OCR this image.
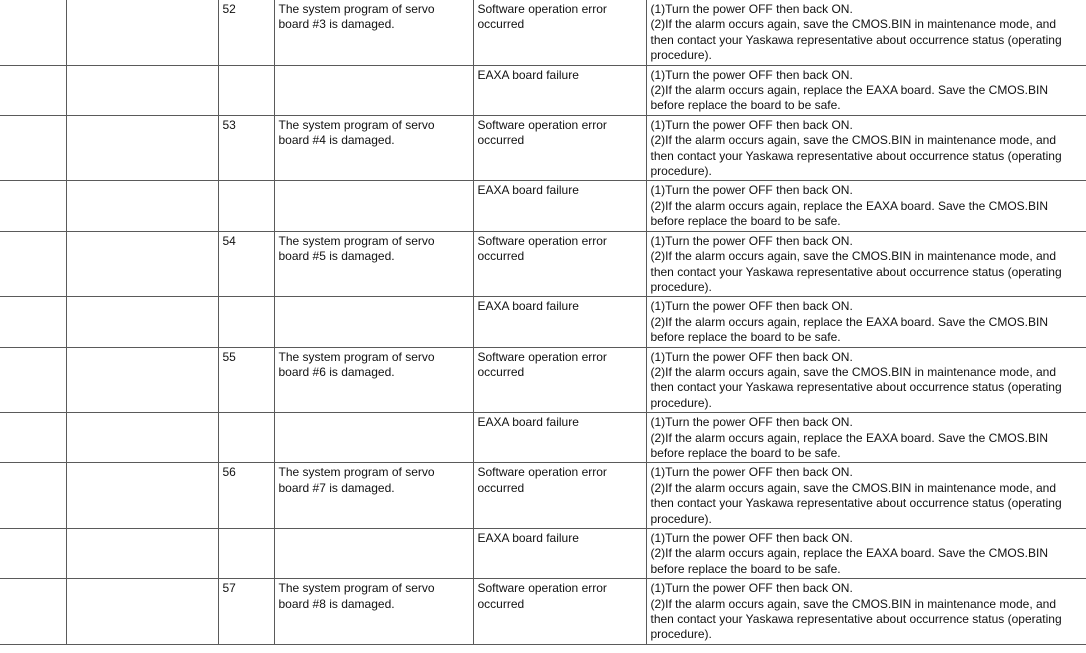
		52	The system program of servo
board #3 is damaged.	Software operation error
occurred	(1)Turn the power OFF then back ON.
(2)If the alarm occurs again, save the CMOS.BIN in maintenance mode, and
then contact your Yaskawa representative about occurrence status (operating
procedure).

				EAXA board failure	(1)Turn the power OFF then back ON.
(2)If the alarm occurs again, replace the EAXA board. Save the CMOS.BIN
before replace the board to be safe.

		53	The system program of servo
board #4 is damaged.	Software operation error
occurred	(1)Turn the power OFF then back ON.
(2)If the alarm occurs again, save the CMOS.BIN in maintenance mode, and
then contact your Yaskawa representative about occurrence status (operating
procedure).

				EAXA board failure	(1)Turn the power OFF then back ON.
(2)If the alarm occurs again, replace the EAXA board. Save the CMOS.BIN
before replace the board to be safe.

		54	The system program of servo
board #5 is damaged.	Software operation error
occurred	(1)Turn the power OFF then back ON.
(2)If the alarm occurs again, save the CMOS.BIN in maintenance mode, and
then contact your Yaskawa representative about occurrence status (operating
procedure).

				EAXA board failure	(1)Turn the power OFF then back ON.
(2)If the alarm occurs again, replace the EAXA board. Save the CMOS.BIN
before replace the board to be safe.

		55	The system program of servo
board #6 is damaged.	Software operation error
occurred	(1)Turn the power OFF then back ON.
(2)If the alarm occurs again, save the CMOS.BIN in maintenance mode, and
then contact your Yaskawa representative about occurrence status (operating
procedure).

				EAXA board failure	(1)Turn the power OFF then back ON.
(2)If the alarm occurs again, replace the EAXA board. Save the CMOS.BIN
before replace the board to be safe.

		56	The system program of servo
board #7 is damaged.	Software operation error
occurred	(1)Turn the power OFF then back ON.
(2)If the alarm occurs again, save the CMOS.BIN in maintenance mode, and
then contact your Yaskawa representative about occurrence status (operating
procedure).

				EAXA board failure	(1)Turn the power OFF then back ON.
(2)If the alarm occurs again, replace the EAXA board. Save the CMOS.BIN
before replace the board to be safe.

		57	The system program of servo
board #8 is damaged.	Software operation error
occurred	(1)Turn the power OFF then back ON.
(2)If the alarm occurs again, save the CMOS.BIN in maintenance mode, and
then contact your Yaskawa representative about occurrence status (operating
procedure).
